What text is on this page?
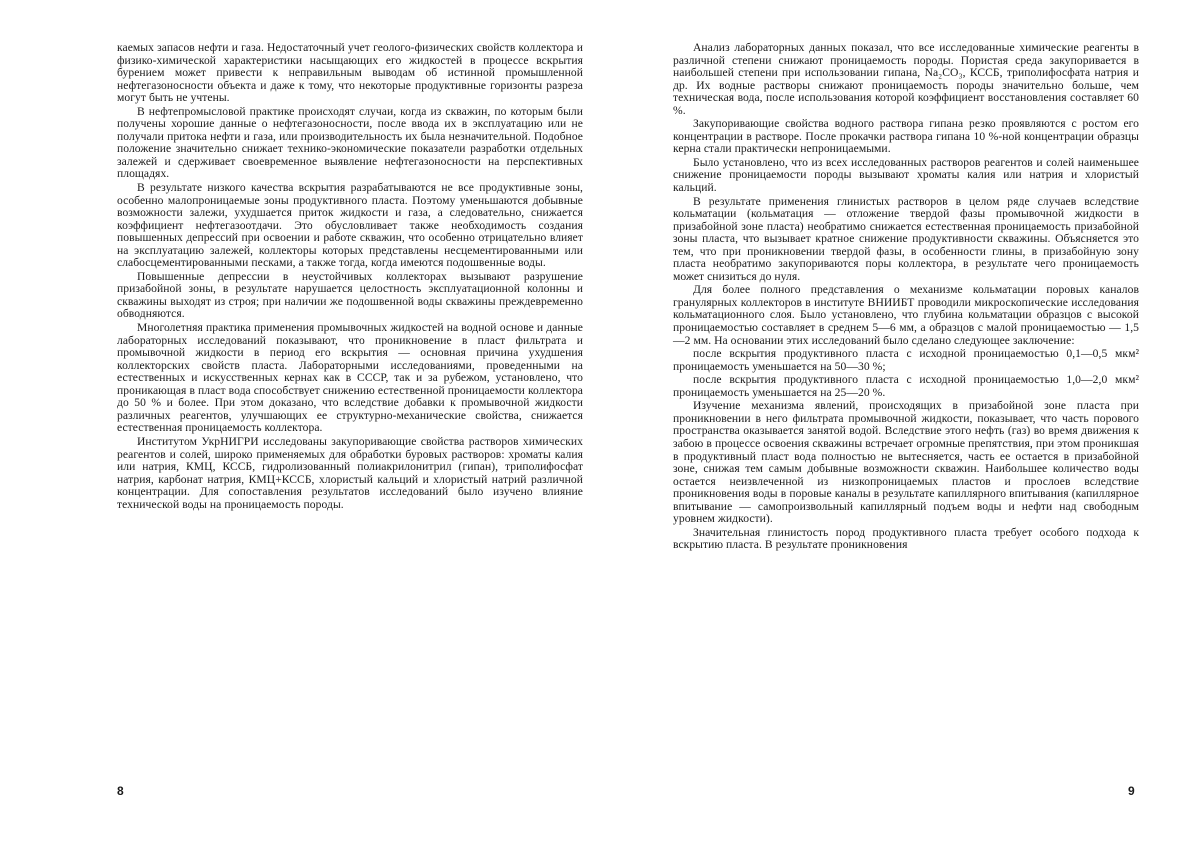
каемых запасов нефти и газа. Недостаточный учет геолого-физических свойств коллектора и физико-химической характеристики насыщающих его жидкостей в процессе вскрытия бурением может привести к неправильным выводам об истинной промышленной нефтегазоносности объекта и даже к тому, что некоторые продуктивные горизонты разреза могут быть не учтены.

В нефтепромысловой практике происходят случаи, когда из скважин, по которым были получены хорошие данные о нефтегазоносности, после ввода их в эксплуатацию или не получали притока нефти и газа, или производительность их была незначительной. Подобное положение значительно снижает технико-экономические показатели разработки отдельных залежей и сдерживает своевременное выявление нефтегазоносности на перспективных площадях.

В результате низкого качества вскрытия разрабатываются не все продуктивные зоны, особенно малопроницаемые зоны продуктивного пласта. Поэтому уменьшаются добывные возможности залежи, ухудшается приток жидкости и газа, а следовательно, снижается коэффициент нефтегазоотдачи. Это обусловливает также необходимость создания повышенных депрессий при освоении и работе скважин, что особенно отрицательно влияет на эксплуатацию залежей, коллекторы которых представлены несцементированными или слабосцементированными песками, а также тогда, когда имеются подошвенные воды.

Повышенные депрессии в неустойчивых коллекторах вызывают разрушение призабойной зоны, в результате нарушается целостность эксплуатационной колонны и скважины выходят из строя; при наличии же подошвенной воды скважины преждевременно обводняются.

Многолетняя практика применения промывочных жидкостей на водной основе и данные лабораторных исследований показывают, что проникновение в пласт фильтрата и промывочной жидкости в период его вскрытия — основная причина ухудшения коллекторских свойств пласта. Лабораторными исследованиями, проведенными на естественных и искусственных кернах как в СССР, так и за рубежом, установлено, что проникающая в пласт вода способствует снижению естественной проницаемости коллектора до 50 % и более. При этом доказано, что вследствие добавки к промывочной жидкости различных реагентов, улучшающих ее структурно-механические свойства, снижается естественная проницаемость коллектора.

Институтом УкрНИГРИ исследованы закупоривающие свойства растворов химических реагентов и солей, широко применяемых для обработки буровых растворов: хроматы калия или натрия, КМЦ, КССБ, гидролизованный полиакрилонитрил (гипан), триполифосфат натрия, карбонат натрия, КМЦ+КССБ, хлористый кальций и хлористый натрий различной концентрации. Для сопоставления результатов исследований было изучено влияние технической воды на проницаемость породы.

Анализ лабораторных данных показал, что все исследованные химические реагенты в различной степени снижают проницаемость породы. Пористая среда закупоривается в наибольшей степени при использовании гипана, Na₂CO₃, КССБ, триполифосфата натрия и др. Их водные растворы снижают проницаемость породы значительно больше, чем техническая вода, после использования которой коэффициент восстановления составляет 60 %.

Закупоривающие свойства водного раствора гипана резко проявляются с ростом его концентрации в растворе. После прокачки раствора гипана 10 %-ной концентрации образцы керна стали практически непроницаемыми.

Было установлено, что из всех исследованных растворов реагентов и солей наименьшее снижение проницаемости породы вызывают хроматы калия или натрия и хлористый кальций.

В результате применения глинистых растворов в целом ряде случаев вследствие кольматации (кольматация — отложение твердой фазы промывочной жидкости в призабойной зоне пласта) необратимо снижается естественная проницаемость призабойной зоны пласта, что вызывает кратное снижение продуктивности скважины. Объясняется это тем, что при проникновении твердой фазы, в особенности глины, в призабойную зону пласта необратимо закупориваются поры коллектора, в результате чего проницаемость может снизиться до нуля.

Для более полного представления о механизме кольматации поровых каналов гранулярных коллекторов в институте ВНИИБТ проводили микроскопические исследования кольматационного слоя. Было установлено, что глубина кольматации образцов с высокой проницаемостью составляет в среднем 5—6 мм, а образцов с малой проницаемостью — 1,5—2 мм. На основании этих исследований было сделано следующее заключение:

после вскрытия продуктивного пласта с исходной проницаемостью 0,1—0,5 мкм² проницаемость уменьшается на 50—30 %;

после вскрытия продуктивного пласта с исходной проницаемостью 1,0—2,0 мкм² проницаемость уменьшается на 25—20 %.

Изучение механизма явлений, происходящих в призабойной зоне пласта при проникновении в него фильтрата промывочной жидкости, показывает, что часть порового пространства оказывается занятой водой. Вследствие этого нефть (газ) во время движения к забою в процессе освоения скважины встречает огромные препятствия, при этом проникшая в продуктивный пласт вода полностью не вытесняется, часть ее остается в призабойной зоне, снижая тем самым добывные возможности скважин. Наибольшее количество воды остается неизвлеченной из низкопроницаемых пластов и прослоев вследствие проникновения воды в поровые каналы в результате капиллярного впитывания (капиллярное впитывание — самопроизвольный капиллярный подъем воды и нефти над свободным уровнем жидкости).

Значительная глинистость пород продуктивного пласта требует особого подхода к вскрытию пласта. В результате проникновения

8	9
